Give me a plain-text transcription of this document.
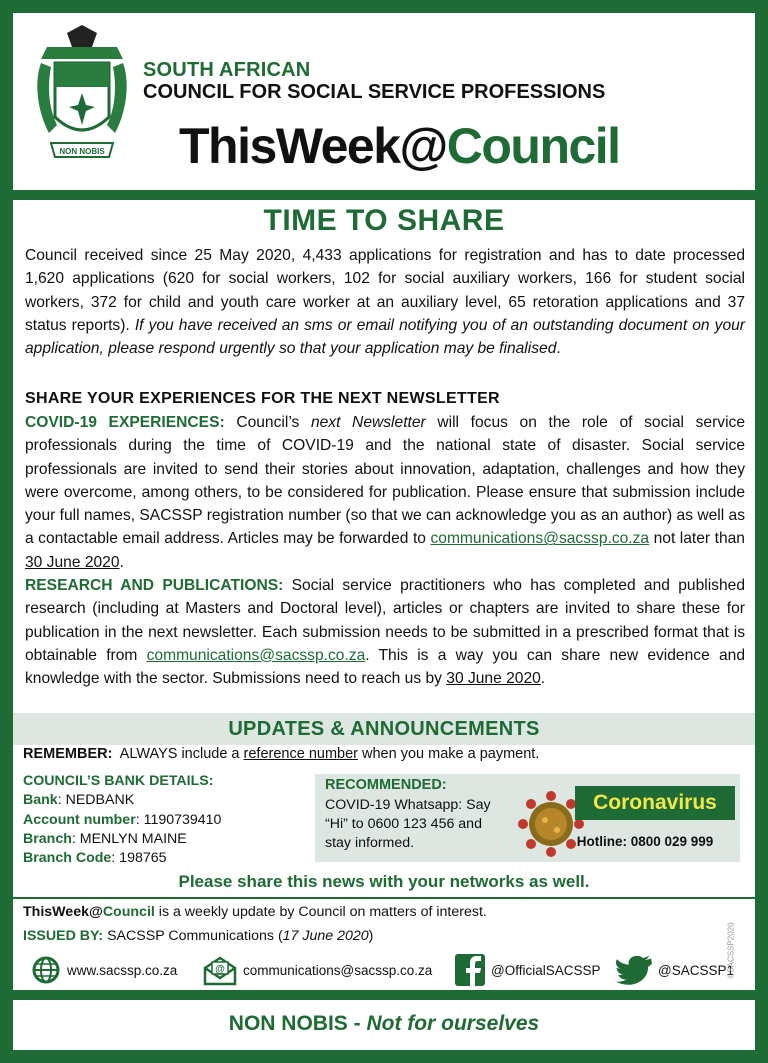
NON NOBIS
SOUTH AFRICAN
COUNCIL FOR SOCIAL SERVICE PROFESSIONS
ThisWeek@Council
TIME TO SHARE

Council received since 25 May 2020, 4,433 applications for registration and has to date processed 1,620 applications (620 for social workers, 102 for social auxiliary workers, 166 for student social workers, 372 for child and youth care worker at an auxiliary level, 65 retoration applications and 37 status reports). If you have received an sms or email notifying you of an outstanding document on your application, please respond urgently so that your application may be finalised.

SHARE YOUR EXPERIENCES FOR THE NEXT NEWSLETTER

COVID-19 EXPERIENCES: Council’s next Newsletter will focus on the role of social service professionals during the time of COVID-19 and the national state of disaster. Social service professionals are invited to send their stories about innovation, adaptation, challenges and how they were overcome, among others, to be considered for publication. Please ensure that submission include your full names, SACSSP registration number (so that we can acknowledge you as an author) as well as a contactable email address. Articles may be forwarded to communications@sacssp.co.za not later than 30 June 2020.

RESEARCH AND PUBLICATIONS: Social service practitioners who has completed and published research (including at Masters and Doctoral level), articles or chapters are invited to share these for publication in the next newsletter. Each submission needs to be submitted in a prescribed format that is obtainable from communications@sacssp.co.za. This is a way you can share new evidence and knowledge with the sector. Submissions need to reach us by 30 June 2020.

UPDATES & ANNOUNCEMENTS
REMEMBER:  ALWAYS include a reference number when you make a payment.
COUNCIL’S BANK DETAILS:
Bank: NEDBANK
Account number: 1190739410
Branch: MENLYN MAINE
Branch Code: 198765
RECOMMENDED:
COVID-19 Whatsapp: Say “Hi” to 0600 123 456 and stay informed.
Coronavirus
Hotline: 0800 029 999
Please share this news with your networks as well.
ThisWeek@Council is a weekly update by Council on matters of interest.
ISSUED BY: SACSSP Communications (17 June 2020)
www.sacssp.co.za	@ communications@sacssp.co.za	@OfficialSACSSP	@SACSSP1
©SACSSP2020
NON NOBIS - Not for ourselves
